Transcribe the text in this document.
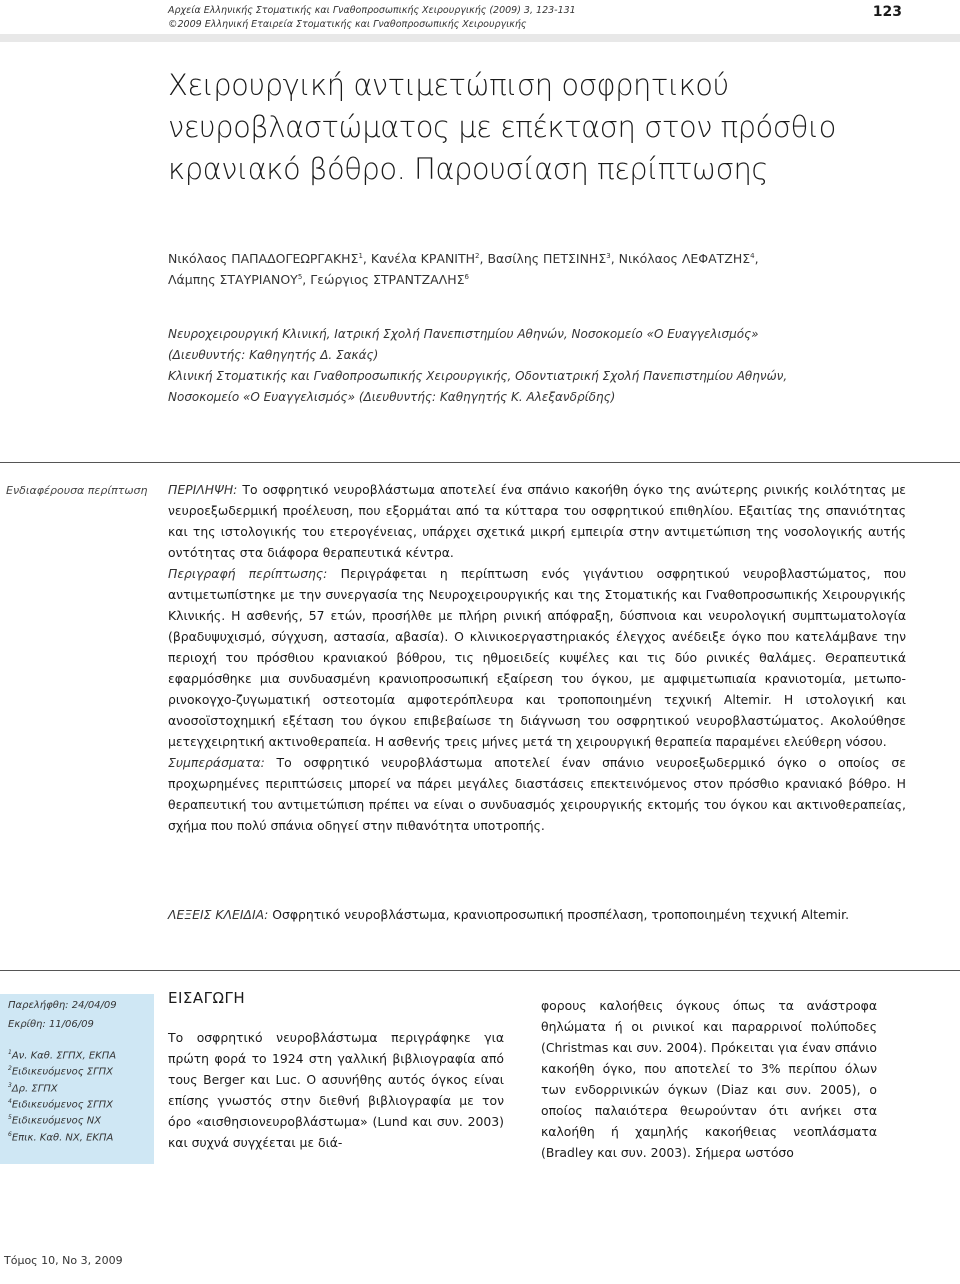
Αρχεία Ελληνικής Στοματικής και Γναθοπροσωπικής Χειρουργικής (2009) 3, 123-131
©2009 Ελληνική Εταιρεία Στοματικής και Γναθοπροσωπικής Χειρουργικής
123
Χειρουργική αντιμετώπιση οσφρητικού νευροβλαστώματος με επέκταση στον πρόσθιο κρανιακό βόθρο. Παρουσίαση περίπτωσης
Νικόλαος ΠΑΠΑΔΟΓΕΩΡΓΑΚΗΣ$^1$, Κανέλα ΚΡΑΝΙΤΗ$^2$, Βασίλης ΠΕΤΣΙΝΗΣ$^3$, Νικόλαος ΛΕΦΑΤΖΗΣ$^4$,
Λάμπης ΣΤΑΥΡΙΑΝΟΥ$^5$, Γεώργιος ΣΤΡΑΝΤΖΑΛΗΣ$^6$
Νευροχειρουργική Κλινική, Ιατρική Σχολή Πανεπιστημίου Αθηνών, Νοσοκομείο «Ο Ευαγγελισμός»
(Διευθυντής: Καθηγητής Δ. Σακάς)
Κλινική Στοματικής και Γναθοπροσωπικής Χειρουργικής, Οδοντιατρική Σχολή Πανεπιστημίου Αθηνών,
Νοσοκομείο «Ο Ευαγγελισμός» (Διευθυντής: Καθηγητής Κ. Αλεξανδρίδης)
Ενδιαφέρουσα περίπτωση ΠΕΡΙΛΗΨΗ: Το οσφρητικό νευροβλάστωμα αποτελεί ένα σπάνιο κακοήθη όγκο της ανώτερης ρινικής κοιλότητας με νευροεξωδερμική προέλευση, που εξορμάται από τα κύτταρα του οσφρητικού επιθηλίου. Εξαιτίας της σπανιότητας και της ιστολογικής του ετερογένειας, υπάρχει σχετικά μικρή εμπειρία στην αντιμετώπιση της νοσολογικής αυτής οντότητας στα διάφορα θεραπευτικά κέντρα.

Περιγραφή περίπτωσης: Περιγράφεται η περίπτωση ενός γιγάντιου οσφρητικού νευροβλαστώματος, που αντιμετωπίστηκε με την συνεργασία της Νευροχειρουργικής και της Στοματικής και Γναθοπροσωπικής Χειρουργικής Κλινικής. Η ασθενής, 57 ετών, προσήλθε με πλήρη ρινική απόφραξη, δύσπνοια και νευρολογική συμπτωματολογία (βραδυψυχισμό, σύγχυση, αστασία, αβασία). Ο κλινικοεργαστηριακός έλεγχος ανέδειξε όγκο που κατελάμβανε την περιοχή του πρόσθιου κρανιακού βόθρου, τις ηθμοειδείς κυψέλες και τις δύο ρινικές θαλάμες. Θεραπευτικά εφαρμόσθηκε μια συνδυασμένη κρανιοπροσωπική εξαίρεση του όγκου, με αμφιμετωπιαία κρανιοτομία, μετωπο-ρινοκογχο-ζυγωματική οστεοτομία αμφοτερόπλευρα και τροποποιημένη τεχνική Altemir. Η ιστολογική και ανοσοϊστοχημική εξέταση του όγκου επιβεβαίωσε τη διάγνωση του οσφρητικού νευροβλαστώματος. Ακολούθησε μετεγχειρητική ακτινοθεραπεία. Η ασθενής τρεις μήνες μετά τη χειρουργική θεραπεία παραμένει ελεύθερη νόσου.

Συμπεράσματα: Το οσφρητικό νευροβλάστωμα αποτελεί έναν σπάνιο νευροεξωδερμικό όγκο ο οποίος σε προχωρημένες περιπτώσεις μπορεί να πάρει μεγάλες διαστάσεις επεκτεινόμενος στον πρόσθιο κρανιακό βόθρο. Η θεραπευτική του αντιμετώπιση πρέπει να είναι ο συνδυασμός χειρουργικής εκτομής του όγκου και ακτινοθεραπείας, σχήμα που πολύ σπάνια οδηγεί στην πιθανότητα υποτροπής.

ΛΕΞΕΙΣ ΚΛΕΙΔΙΑ: Οσφρητικό νευροβλάστωμα, κρανιοπροσωπική προσπέλαση, τροποποιημένη τεχνική Altemir.

Παρελήφθη: 24/04/09
Εκρίθη: 11/06/09
$^1$Αν. Καθ. ΣΓΠΧ, ΕΚΠΑ
$^2$Ειδικευόμενος ΣΓΠΧ
$^3$Δρ. ΣΓΠΧ
$^4$Ειδικευόμενος ΣΓΠΧ
$^5$Ειδικευόμενος ΝΧ
$^6$Επικ. Καθ. ΝΧ, ΕΚΠΑ

ΕΙΣΑΓΩΓΗ

Το οσφρητικό νευροβλάστωμα περιγράφηκε για πρώτη φορά το 1924 στη γαλλική βιβλιογραφία από τους Berger και Luc. Ο ασυνήθης αυτός όγκος είναι επίσης γνωστός στην διεθνή βιβλιογραφία με τον όρο «αισθησιονευροβλάστωμα» (Lund και συν. 2003) και συχνά συγχέεται με διά-

φορους καλοήθεις όγκους όπως τα ανάστροφα θηλώματα ή οι ρινικοί και παραρρινοί πολύποδες (Christmas και συν. 2004). Πρόκειται για έναν σπάνιο κακοήθη όγκο, που αποτελεί το 3% περίπου όλων των ενδορρινικών όγκων (Diaz και συν. 2005), ο οποίος παλαιότερα θεωρούνταν ότι ανήκει στα καλοήθη ή χαμηλής κακοήθειας νεοπλάσματα (Bradley και συν. 2003). Σήμερα ωστόσο

Τόμος 10, Νο 3, 2009
